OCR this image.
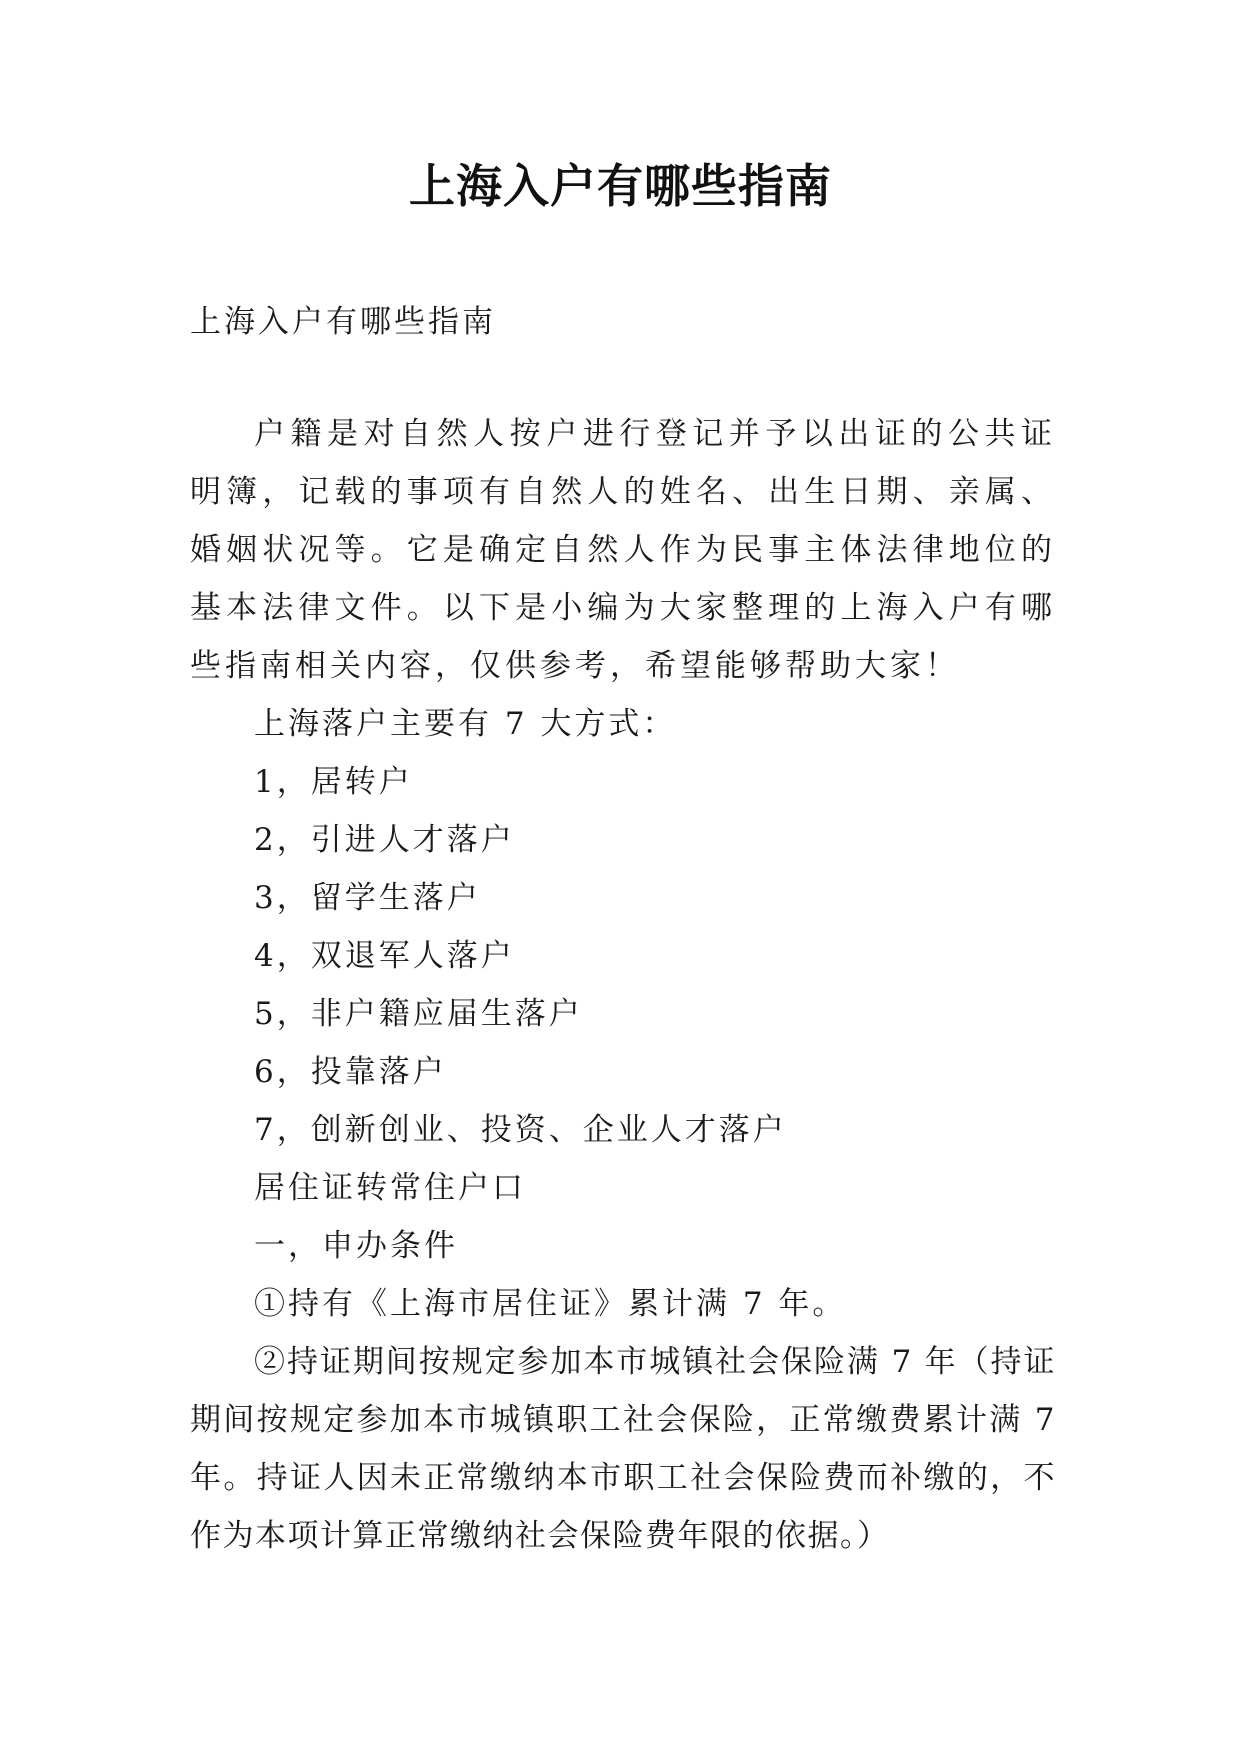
上海入户有哪些指南
上海入户有哪些指南

户籍是对自然人按户进行登记并予以出证的公共证明簿，记载的事项有自然人的姓名、出生日期、亲属、婚姻状况等。它是确定自然人作为民事主体法律地位的基本法律文件。以下是小编为大家整理的上海入户有哪些指南相关内容，仅供参考，希望能够帮助大家！

上海落户主要有 7 大方式：

1，居转户

2，引进人才落户

3，留学生落户

4，双退军人落户

5，非户籍应届生落户

6，投靠落户

7，创新创业、投资、企业人才落户

居住证转常住户口

一，申办条件

①持有《上海市居住证》累计满 7 年。

②持证期间按规定参加本市城镇社会保险满 7 年（持证期间按规定参加本市城镇职工社会保险，正常缴费累计满 7 年。持证人因未正常缴纳本市职工社会保险费而补缴的，不作为本项计算正常缴纳社会保险费年限的依据。）
